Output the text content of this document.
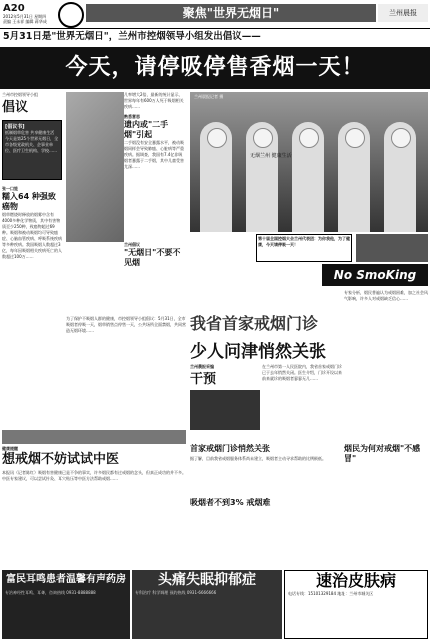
A20
2012年5月31日 星期四
责编 王永祥 编辑 蒋华成
聚焦"世界无烟日"	兰州晨报
5月31日是"世界无烟日"，兰州市控烟领导小组发出倡议——
今天，请停吸停售香烟一天！
兰州市控烟领导小组
倡议
[倡议书]
抵制烟草危害 共享健康生活 今天是第25个世界无烟日，全市各级党政机关、企事业单位、医疗卫生机构、学校……
张一口娃
糯入64 种强致癌物
烟草燃烧时释放的烟雾中含有4000多种化学物质，其中有害物质至少250种，致癌物超过69种。吸烟和被动吸烟均可导致癌症、心脑血管疾病、呼吸系统疾病等多种疾病。我国吸烟人数超过3亿，每年因吸烟相关疾病死亡的人数超过100万……
几率增大2倍，最新的统计显示，世界每年有600万人死于吸烟相关疾病……
熟悉意思
遗内或"二手烟"引起
二手烟没有安全暴露水平，被动吸烟同样会导致肺癌、心脏病等严重疾病。据调查，我国有7.4亿非吸烟者暴露于二手烟，其中儿童受害尤深……
兰州倡议
"无烟日"不要不见烟
为了保护不吸烟人群的健康，市控烟领导小组倡议：5月31日，全市吸烟者停吸一天，烟草销售点停售一天，公共场所全面禁烟，共同营造无烟环境……
兰州晨报记者 摄
无烟兰州 健康生活
第十届全国控烟大会兰州代表团：为你我他，为了健康，今天请停吸一天！
No SmoKing
我省首家戒烟门诊
少人问津悄然关张
兰州晨报采编
干预
在兰州市第一人民医院内，我省首家戒烟门诊已于去年悄然关闭。医生介绍，门诊开设以来前来就诊的吸烟者寥寥无几……
专家分析，烟民普遍认为戒烟困难，加之社会风气影响，许多人对戒烟缺乏信心……
首家戒烟门诊悄然关张
据了解，目前我省戒烟服务体系尚未建立，吸烟者主动寻求帮助的比例极低。
吸烟者不到3% 戒烟难
烟民为何对戒烟"不感冒"
健康提醒
想戒烟不妨试试中医
本报讯（记者陈红）吸烟有害健康已是不争的事实，许多烟民都有过戒烟的念头，但真正成功的并不多。中医专家建议，可以尝试针灸、耳穴贴压等中医方法帮助戒烟……
富民耳鸣患者温馨有声药房
专治神经性耳鸣、耳聋，咨询热线 0931-8888888
头痛失眠抑郁症
专科治疗 科学调理 预约热线 0931-6666666
速治皮肤病
电话专线：15101329184 地址：兰州市城关区
